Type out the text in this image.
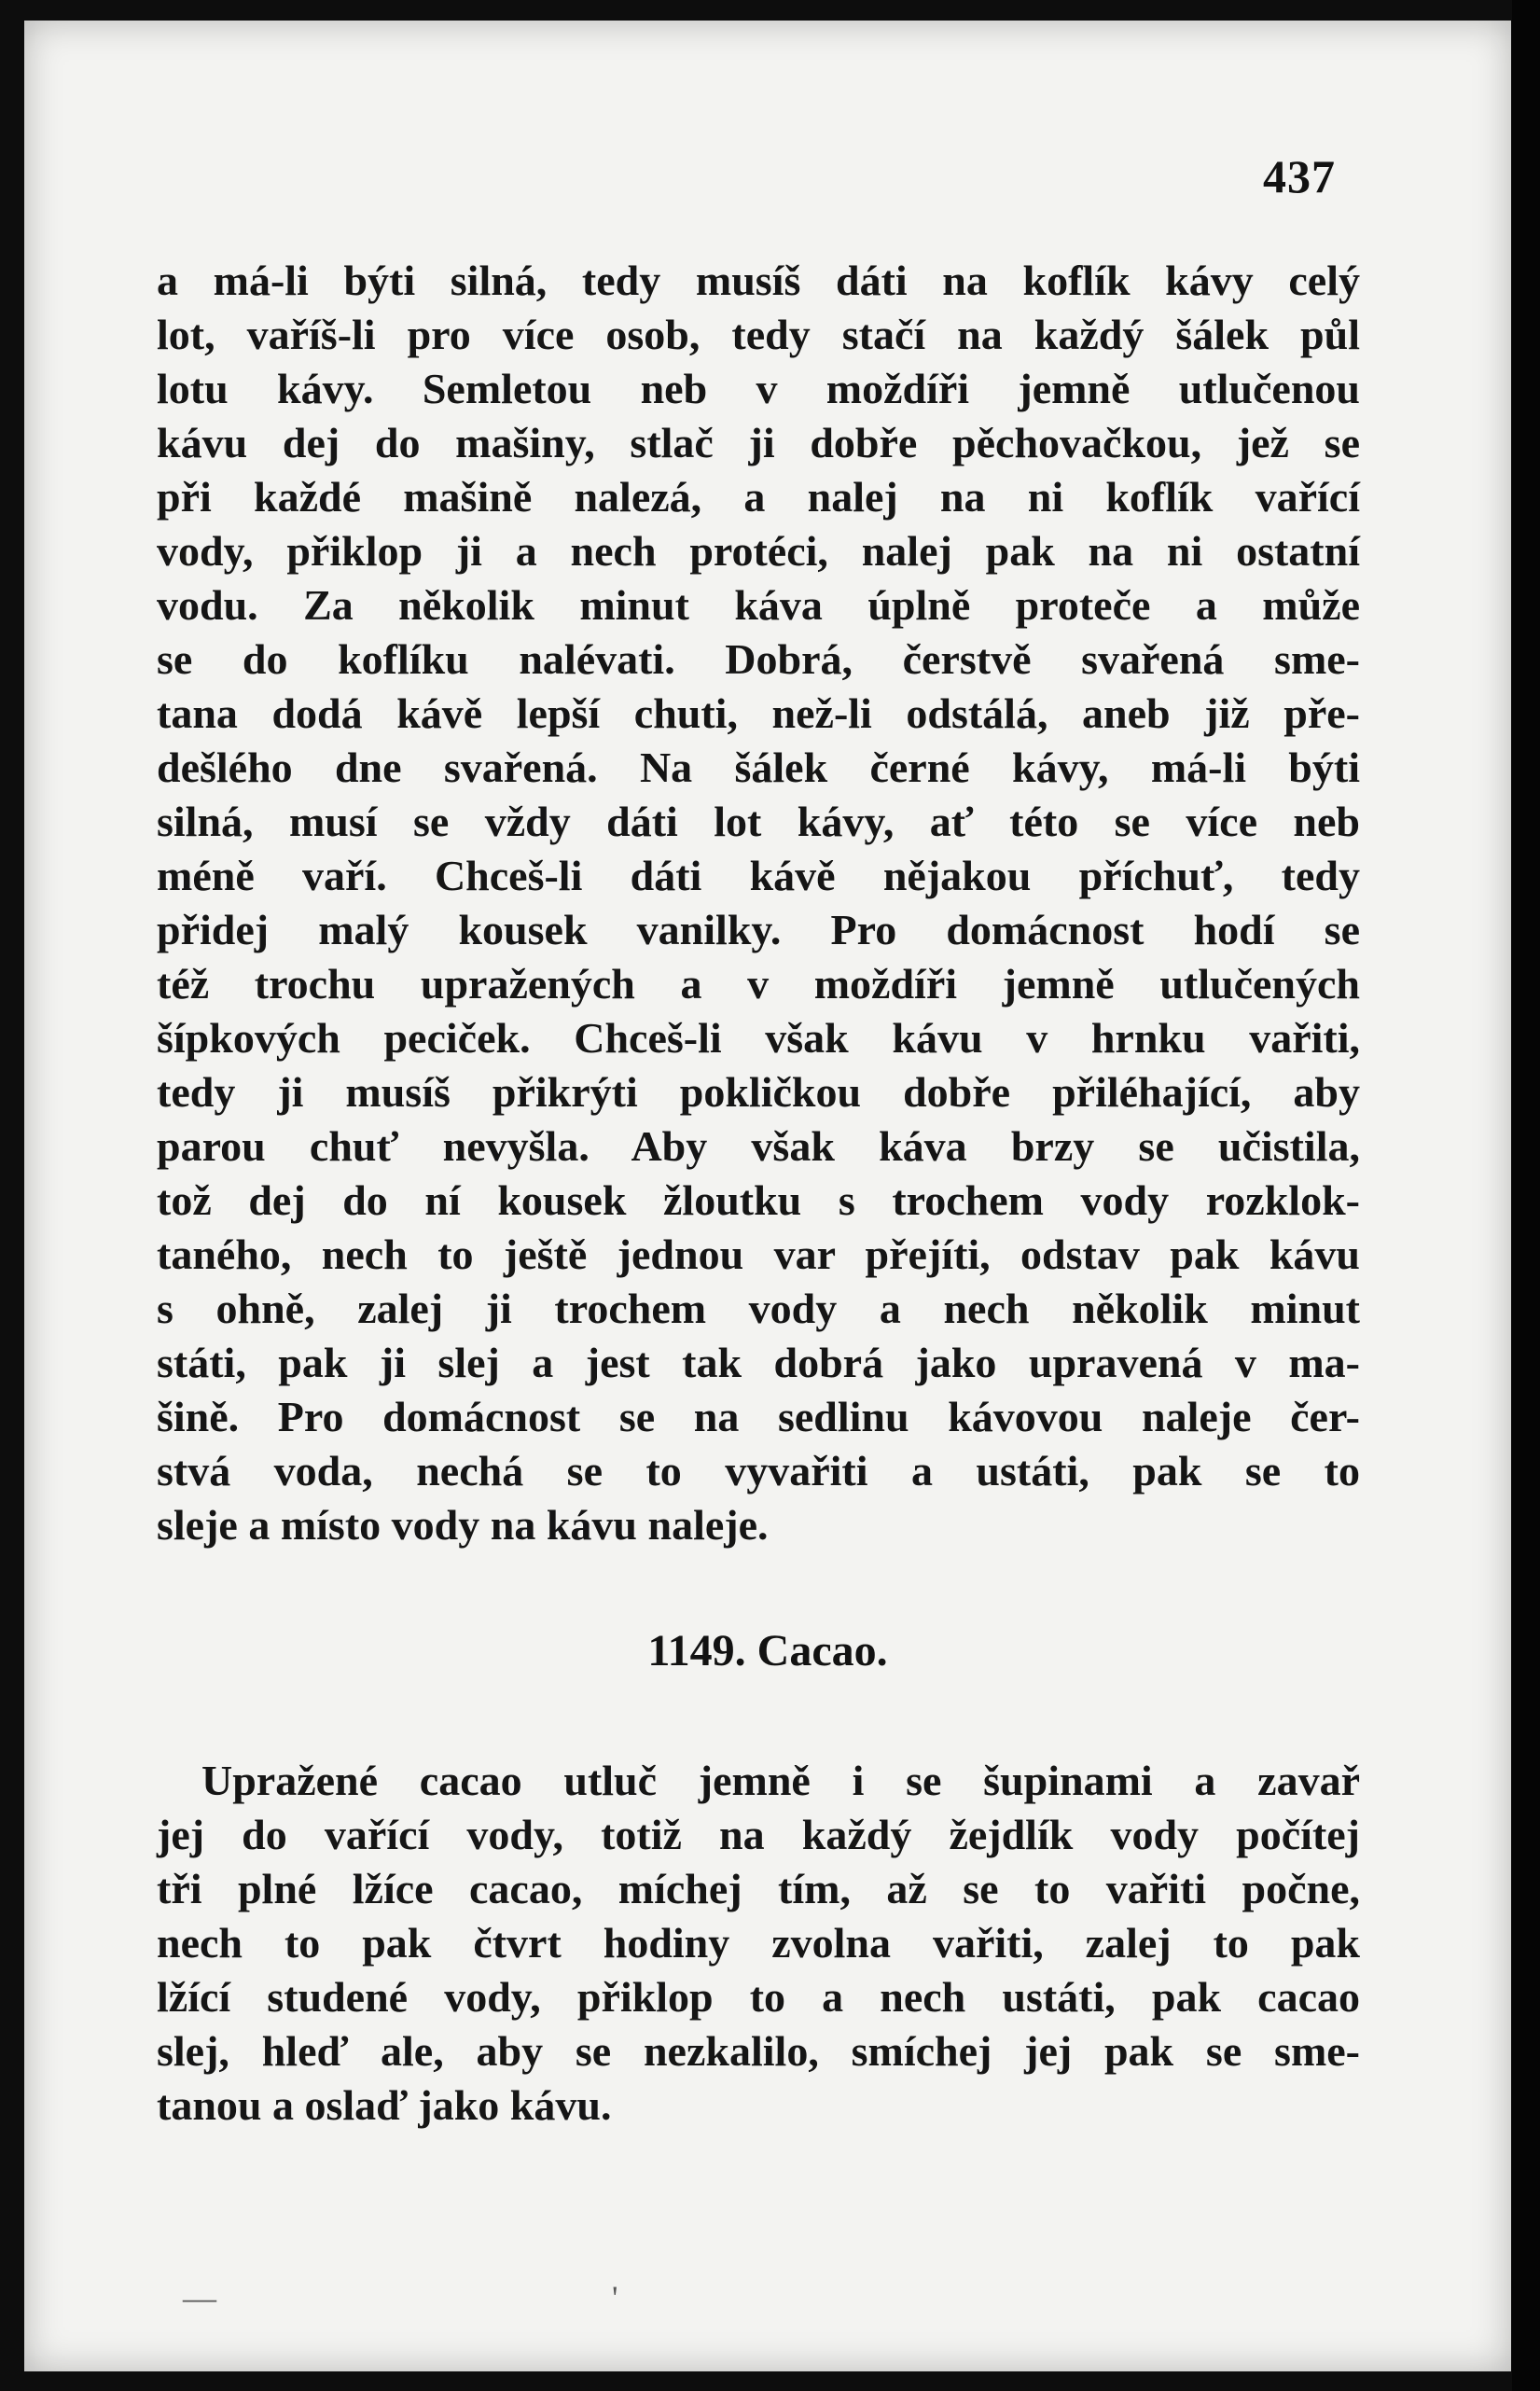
437
a má-li býti silná, tedy musíš dáti na koflík kávy celý
lot, vaříš-li pro více osob, tedy stačí na každý šálek půl
lotu kávy. Semletou neb v moždíři jemně utlučenou
kávu dej do mašiny, stlač ji dobře pěchovačkou, jež se
při každé mašině nalezá, a nalej na ni koflík vařící
vody, přiklop ji a nech protéci, nalej pak na ni ostatní
vodu. Za několik minut káva úplně proteče a může
se do koflíku nalévati. Dobrá, čerstvě svařená sme-
tana dodá kávě lepší chuti, než-li odstálá, aneb již pře-
dešlého dne svařená. Na šálek černé kávy, má-li býti
silná, musí se vždy dáti lot kávy, ať této se více neb
méně vaří. Chceš-li dáti kávě nějakou příchuť, tedy
přidej malý kousek vanilky. Pro domácnost hodí se
též trochu upražených a v moždíři jemně utlučených
šípkových peciček. Chceš-li však kávu v hrnku vařiti,
tedy ji musíš přikrýti pokličkou dobře přiléhající, aby
parou chuť nevyšla. Aby však káva brzy se učistila,
tož dej do ní kousek žloutku s trochem vody rozklok-
taného, nech to ještě jednou var přejíti, odstav pak kávu
s ohně, zalej ji trochem vody a nech několik minut
státi, pak ji slej a jest tak dobrá jako upravená v ma-
šině. Pro domácnost se na sedlinu kávovou naleje čer-
stvá voda, nechá se to vyvařiti a ustáti, pak se to
sleje a místo vody na kávu naleje.
1149. Cacao.
Upražené cacao utluč jemně i se šupinami a zavař
jej do vařící vody, totiž na každý žejdlík vody počítej
tři plné lžíce cacao, míchej tím, až se to vařiti počne,
nech to pak čtvrt hodiny zvolna vařiti, zalej to pak
lžící studené vody, přiklop to a nech ustáti, pak cacao
slej, hleď ale, aby se nezkalilo, smíchej jej pak se sme-
tanou a oslaď jako kávu.
—	'
